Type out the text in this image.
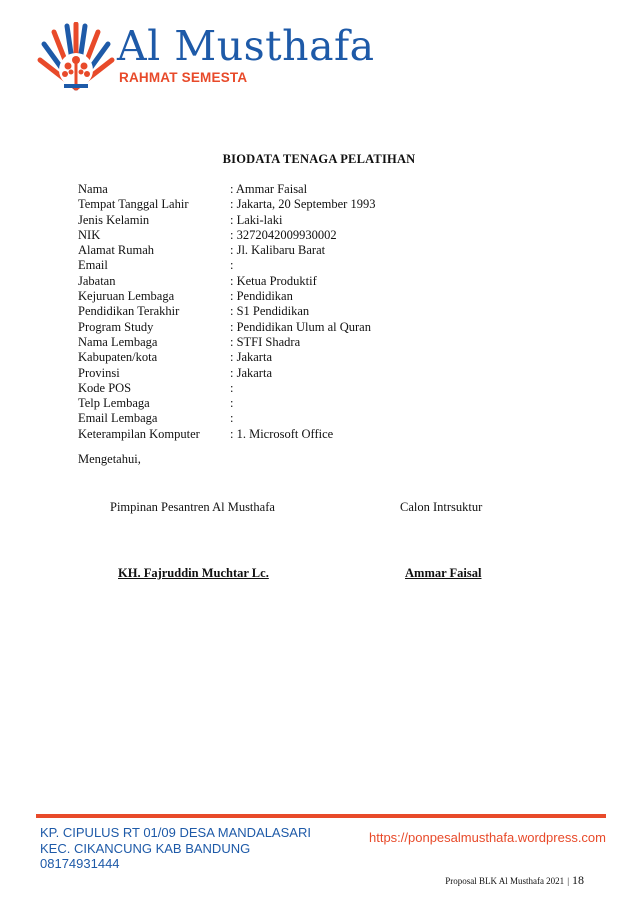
Al Musthafa
RAHMAT SEMESTA
BIODATA TENAGA PELATIHAN
Nama	: Ammar Faisal
Tempat Tanggal Lahir	: Jakarta, 20 September 1993
Jenis Kelamin	: Laki-laki
NIK	: 3272042009930002
Alamat Rumah	: Jl. Kalibaru Barat
Email	:
Jabatan	: Ketua Produktif
Kejuruan Lembaga	: Pendidikan
Pendidikan Terakhir	: S1 Pendidikan
Program Study	: Pendidikan Ulum al Quran
Nama Lembaga	: STFI Shadra
Kabupaten/kota	: Jakarta
Provinsi	: Jakarta
Kode POS	:
Telp Lembaga	:
Email Lembaga	:
Keterampilan Komputer : 1. Microsoft Office
Mengetahui,
Pimpinan Pesantren Al Musthafa	Calon Intrsuktur
KH. Fajruddin Muchtar Lc.	Ammar Faisal
KP. CIPULUS RT 01/09 DESA MANDALASARI
KEC. CIKANCUNG KAB BANDUNG
08174931444
https://ponpesalmusthafa.wordpress.com
Proposal BLK Al Musthafa 2021 | 18
